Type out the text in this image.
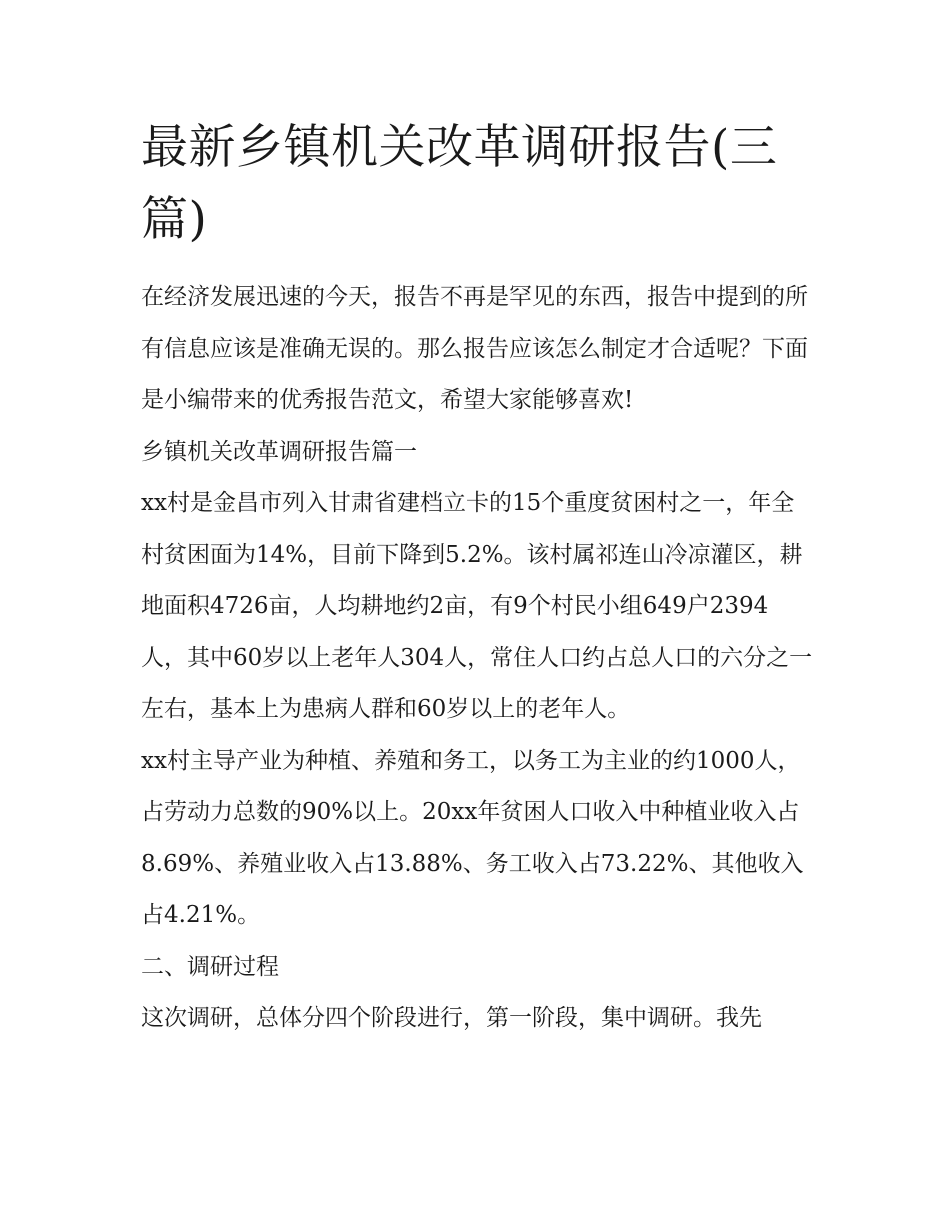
最新乡镇机关改革调研报告(三篇)

在经济发展迅速的今天，报告不再是罕见的东西，报告中提到的所有信息应该是准确无误的。那么报告应该怎么制定才合适呢？下面是小编带来的优秀报告范文，希望大家能够喜欢!

乡镇机关改革调研报告篇一

xx村是金昌市列入甘肃省建档立卡的15个重度贫困村之一，年全村贫困面为14%，目前下降到5.2%。该村属祁连山冷凉灌区，耕地面积4726亩，人均耕地约2亩，有9个村民小组649户2394人，其中60岁以上老年人304人，常住人口约占总人口的六分之一左右，基本上为患病人群和60岁以上的老年人。

xx村主导产业为种植、养殖和务工，以务工为主业的约1000人，占劳动力总数的90%以上。20xx年贫困人口收入中种植业收入占8.69%、养殖业收入占13.88%、务工收入占73.22%、其他收入占4.21%。

二、调研过程

这次调研，总体分四个阶段进行，第一阶段，集中调研。我先
